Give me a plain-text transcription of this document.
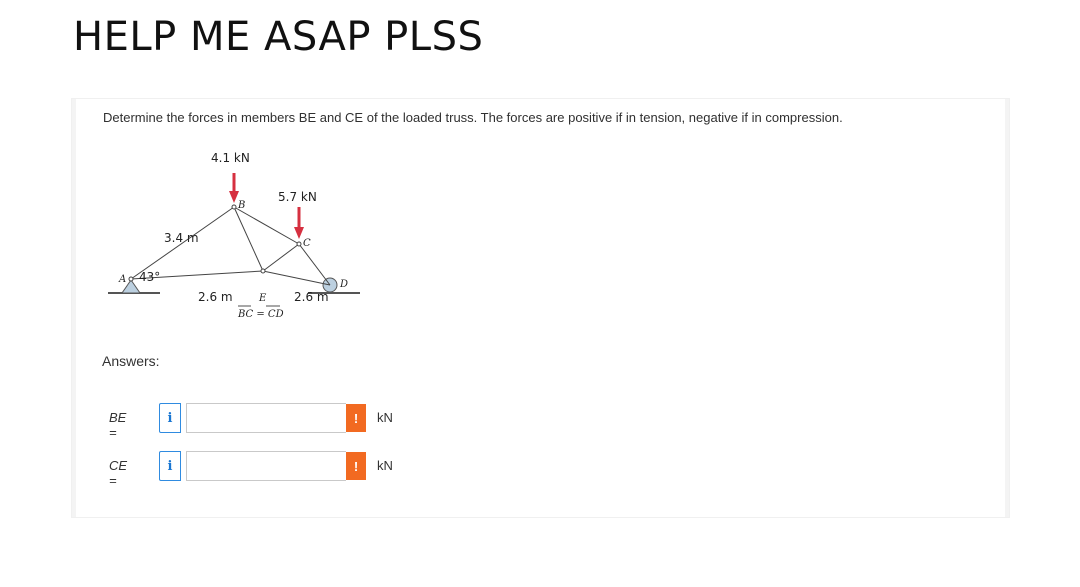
HELP ME ASAP PLSS

Determine the forces in members BE and CE of the loaded truss. The forces are positive if in tension, negative if in compression.

4.1 kN
5.7 kN
3.4 m
43°
2.6 m	2.6 m
A
B
C
D
E
BC = CD
Answers:
BE =
i	!	kN
CE =
i	!	kN
